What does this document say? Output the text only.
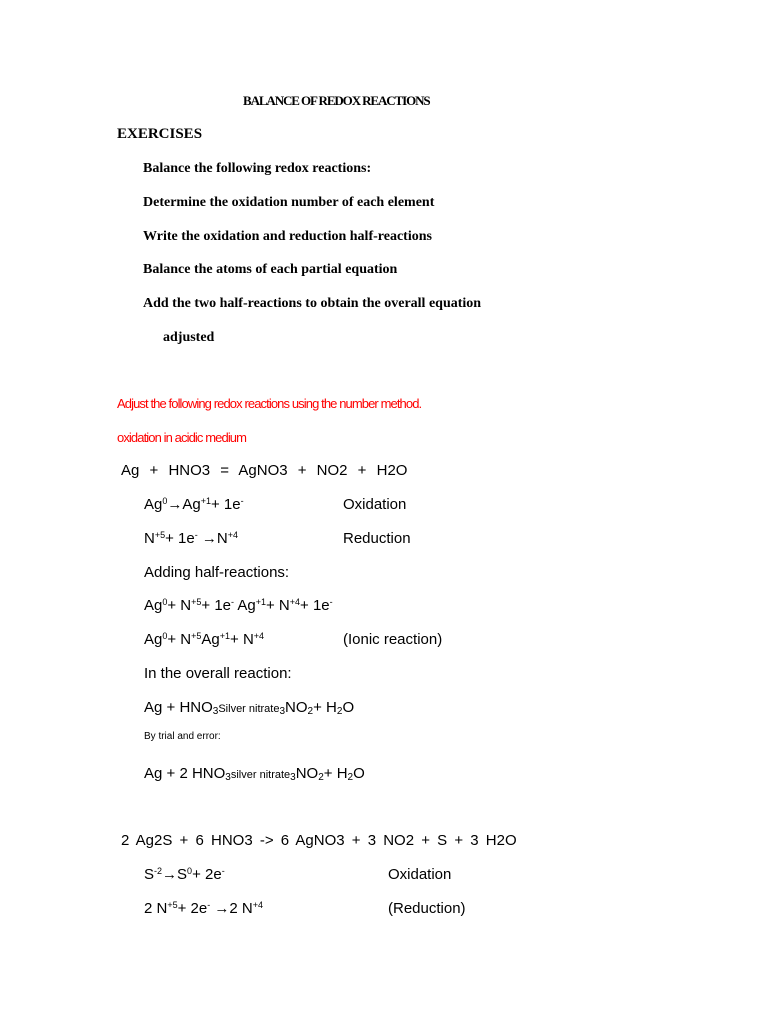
BALANCE OF REDOX REACTIONS
EXERCISES
Balance the following redox reactions:
Determine the oxidation number of each element
Write the oxidation and reduction half-reactions
Balance the atoms of each partial equation
Add the two half-reactions to obtain the overall equation
adjusted
Adjust the following redox reactions using the number method.
oxidation in acidic medium
Ag + HNO3 = AgNO3 + NO2 + H2O
$Ag^0\to Ag^{+1}+ 1e^-$	Oxidation
$N^{+5}+ 1e^- \to N^{+4}$	Reduction
Adding half-reactions:
$Ag^0+ N^{+5}+ 1e^-$ $Ag^{+1}+ N^{+4}+ 1e^-$
$Ag^0+ N^{+5}Ag^{+1}+ N^{+4}$	(Ionic reaction)
In the overall reaction:
$Ag + HNO_3Silver$ $nitrate_3NO_2+ H_2O$
By trial and error:
Ag + 2 $HNO_3silver$ $nitrate_3NO_2+ H_2O$
2 Ag2S + 6 HNO3 -> 6 AgNO3 + 3 NO2 + S + 3 H2O
$S^{-2}\to S^0+ 2e^-$	Oxidation
2 $N^{+5}+ 2e^- \to 2$ $N^{+4}$	(Reduction)
